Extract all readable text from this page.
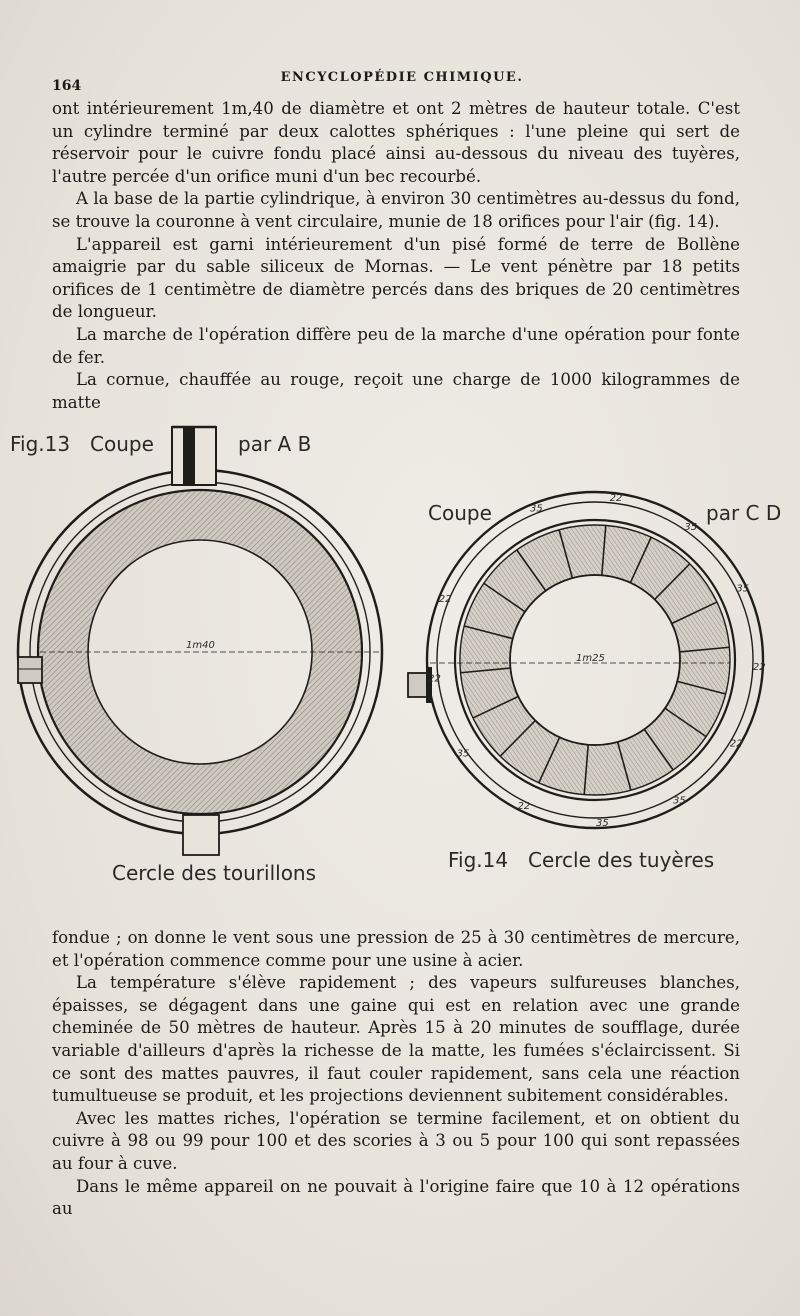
164
ENCYCLOPÉDIE CHIMIQUE.

ont intérieurement 1m,40 de diamètre et ont 2 mètres de hauteur totale. C'est un cylindre terminé par deux calottes sphériques : l'une pleine qui sert de réservoir pour le cuivre fondu placé ainsi au-dessous du niveau des tuyères, l'autre percée d'un orifice muni d'un bec recourbé.

A la base de la partie cylindrique, à environ 30 centimètres au-dessus du fond, se trouve la couronne à vent circulaire, munie de 18 orifices pour l'air (fig. 14).

L'appareil est garni intérieurement d'un pisé formé de terre de Bollène amaigrie par du sable siliceux de Mornas. — Le vent pénètre par 18 petits orifices de 1 centimètre de diamètre percés dans des briques de 20 centimètres de longueur.

La marche de l'opération diffère peu de la marche d'une opération pour fonte de fer.

La cornue, chauffée au rouge, reçoit une charge de 1000 kilogrammes de matte

35
22
35
35
22
22
35
35
22
35
22
22
1m40
1m25
Fig.13 Coupe	par A B
Cercle des tourillons
Coupe	par C D
Fig.14 Cercle des tuyères

fondue ; on donne le vent sous une pression de 25 à 30 centimètres de mercure, et l'opération commence comme pour une usine à acier.

La température s'élève rapidement ; des vapeurs sulfureuses blanches, épaisses, se dégagent dans une gaine qui est en relation avec une grande cheminée de 50 mètres de hauteur. Après 15 à 20 minutes de soufflage, durée variable d'ailleurs d'après la richesse de la matte, les fumées s'éclaircissent. Si ce sont des mattes pauvres, il faut couler rapidement, sans cela une réaction tumultueuse se produit, et les projections deviennent subitement considérables.

Avec les mattes riches, l'opération se termine facilement, et on obtient du cuivre à 98 ou 99 pour 100 et des scories à 3 ou 5 pour 100 qui sont repassées au four à cuve.

Dans le même appareil on ne pouvait à l'origine faire que 10 à 12 opérations au
